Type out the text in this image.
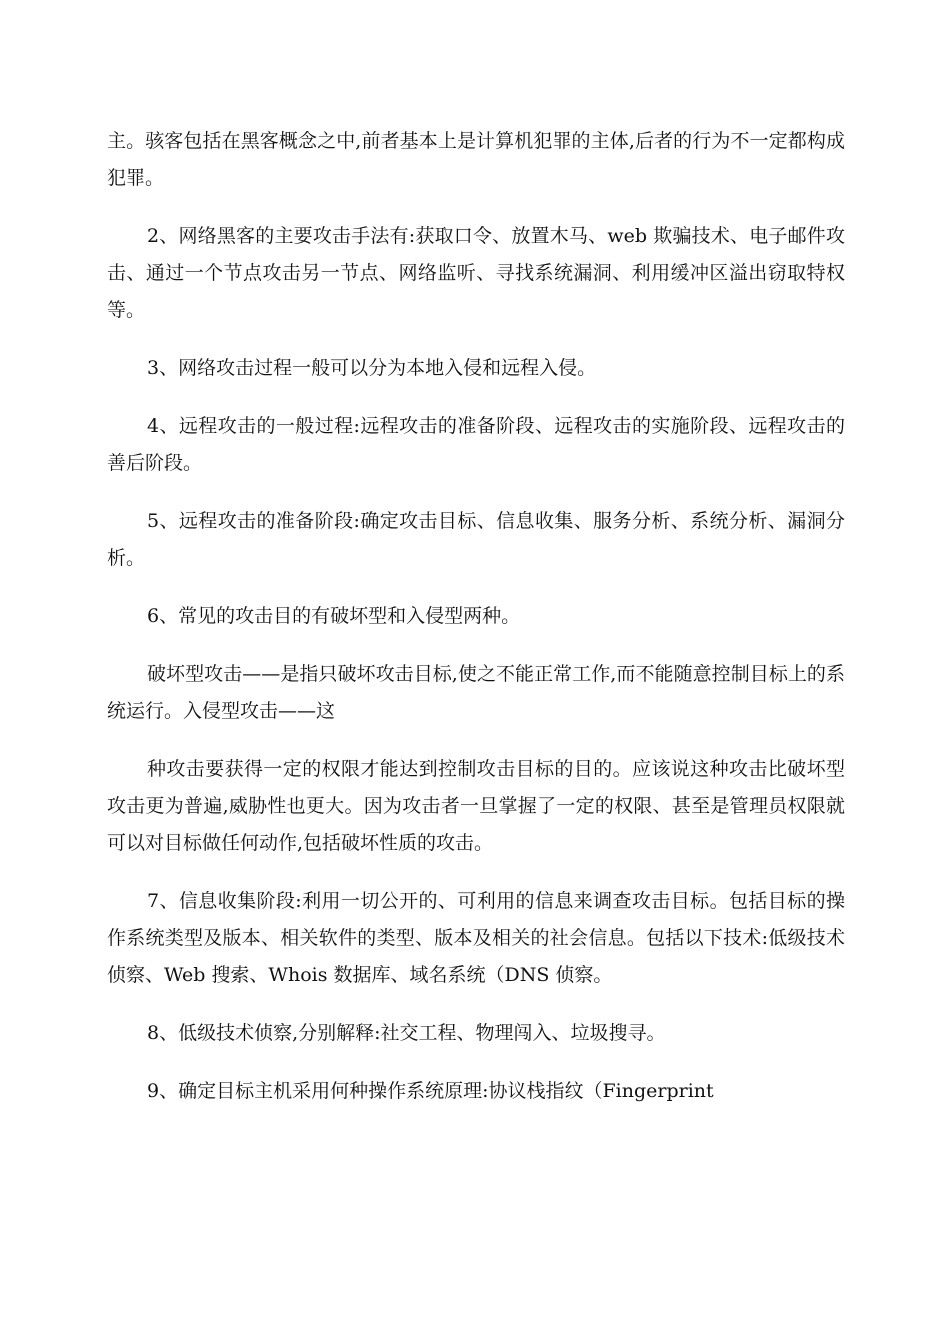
主。骇客包括在黑客概念之中,前者基本上是计算机犯罪的主体,后者的行为不一定都构成犯罪。

2、网络黑客的主要攻击手法有:获取口令、放置木马、web 欺骗技术、电子邮件攻击、通过一个节点攻击另一节点、网络监听、寻找系统漏洞、利用缓冲区溢出窃取特权等。

3、网络攻击过程一般可以分为本地入侵和远程入侵。

4、远程攻击的一般过程:远程攻击的准备阶段、远程攻击的实施阶段、远程攻击的善后阶段。

5、远程攻击的准备阶段:确定攻击目标、信息收集、服务分析、系统分析、漏洞分析。

6、常见的攻击目的有破坏型和入侵型两种。

破坏型攻击——是指只破坏攻击目标,使之不能正常工作,而不能随意控制目标上的系统运行。入侵型攻击——这

种攻击要获得一定的权限才能达到控制攻击目标的目的。应该说这种攻击比破坏型攻击更为普遍,威胁性也更大。因为攻击者一旦掌握了一定的权限、甚至是管理员权限就可以对目标做任何动作,包括破坏性质的攻击。

7、信息收集阶段:利用一切公开的、可利用的信息来调查攻击目标。包括目标的操作系统类型及版本、相关软件的类型、版本及相关的社会信息。包括以下技术:低级技术侦察、Web 搜索、Whois 数据库、域名系统（DNS 侦察。

8、低级技术侦察,分别解释:社交工程、物理闯入、垃圾搜寻。

9、确定目标主机采用何种操作系统原理:协议栈指纹（Fingerprint
